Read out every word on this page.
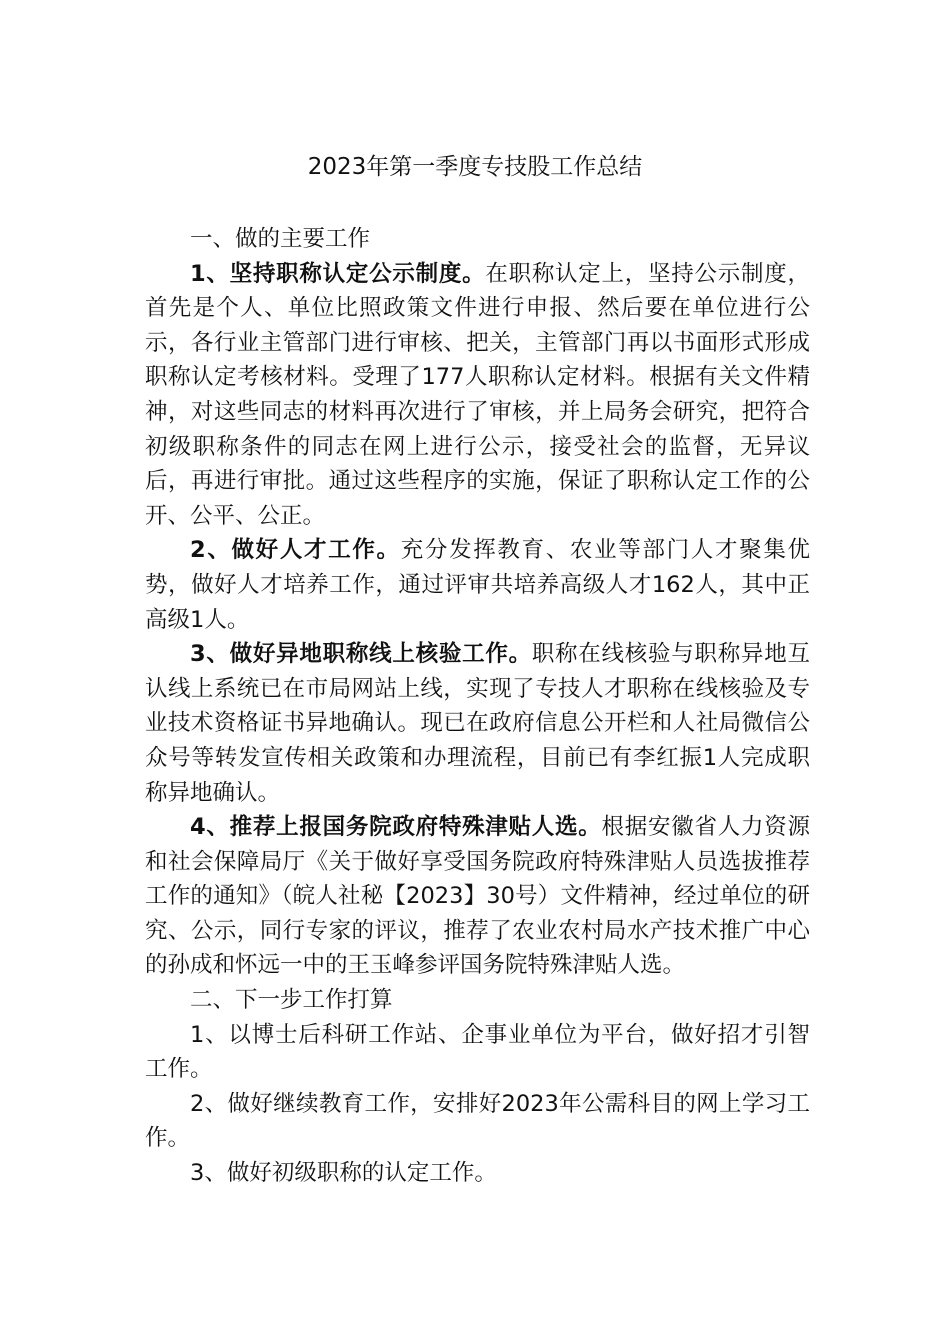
2023年第一季度专技股工作总结

一、做的主要工作

1、坚持职称认定公示制度。在职称认定上，坚持公示制度，首先是个人、单位比照政策文件进行申报、然后要在单位进行公示，各行业主管部门进行审核、把关，主管部门再以书面形式形成职称认定考核材料。受理了177人职称认定材料。根据有关文件精神，对这些同志的材料再次进行了审核，并上局务会研究，把符合初级职称条件的同志在网上进行公示，接受社会的监督，无异议后，再进行审批。通过这些程序的实施，保证了职称认定工作的公开、公平、公正。

2、做好人才工作。充分发挥教育、农业等部门人才聚集优势，做好人才培养工作，通过评审共培养高级人才162人，其中正高级1人。

3、做好异地职称线上核验工作。职称在线核验与职称异地互认线上系统已在市局网站上线，实现了专技人才职称在线核验及专业技术资格证书异地确认。现已在政府信息公开栏和人社局微信公众号等转发宣传相关政策和办理流程，目前已有李红振1人完成职称异地确认。

4、推荐上报国务院政府特殊津贴人选。根据安徽省人力资源和社会保障局厅《关于做好享受国务院政府特殊津贴人员选拔推荐工作的通知》（皖人社秘【2023】30号）文件精神，经过单位的研究、公示，同行专家的评议，推荐了农业农村局水产技术推广中心的孙成和怀远一中的王玉峰参评国务院特殊津贴人选。

二、下一步工作打算

1、以博士后科研工作站、企事业单位为平台，做好招才引智工作。

2、做好继续教育工作，安排好2023年公需科目的网上学习工作。

3、做好初级职称的认定工作。
